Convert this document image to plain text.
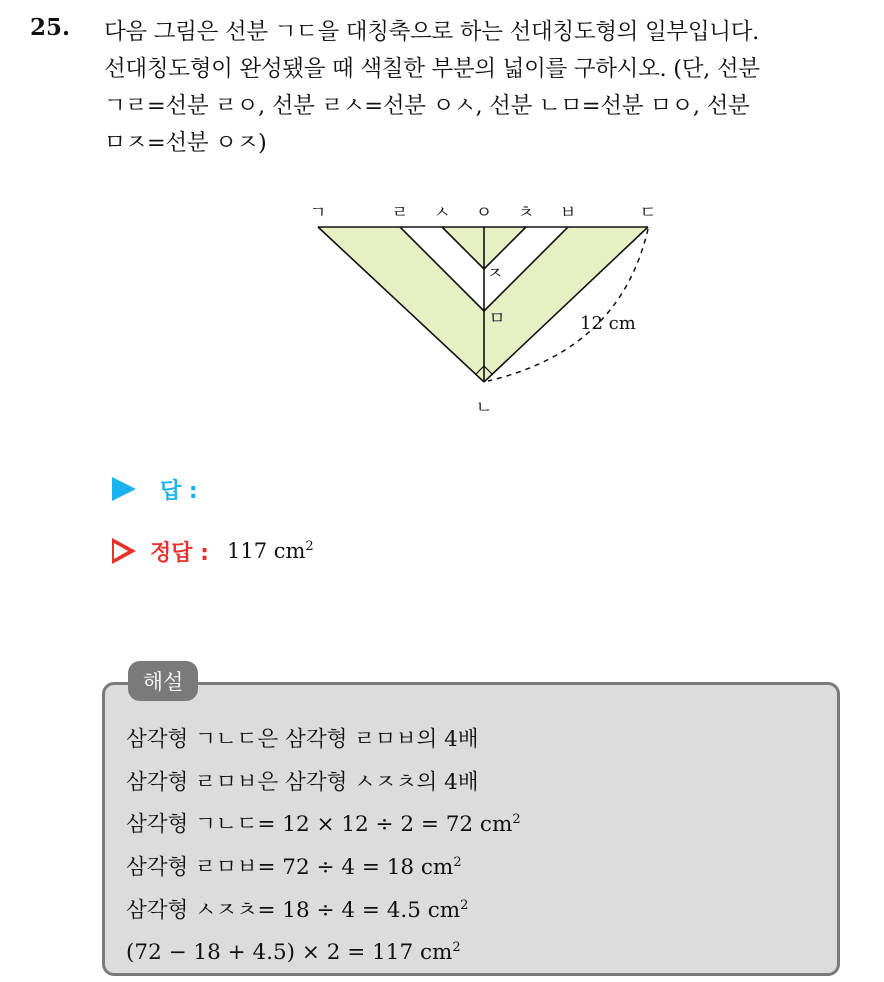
25. 다음 그림은 선분 ㄱㄷ을 대칭축으로 하는 선대칭도형의 일부입니다.
선대칭도형이 완성됐을 때 색칠한 부분의 넓이를 구하시오. (단, 선분
ㄱㄹ=선분 ㄹㅇ, 선분 ㄹㅅ=선분 ㅇㅅ, 선분 ㄴㅁ=선분 ㅁㅇ, 선분
ㅁㅈ=선분 ㅇㅈ)
ㄱ	ㄹ ㅅ ㅇ ㅊ ㅂ	ㄷ
ㅈ
ㅁ
ㄴ
12 cm
답 :
정답 : 117 $cm^2$
해설
삼각형 ㄱㄴㄷ은 삼각형 ㄹㅁㅂ의 4배
삼각형 ㄹㅁㅂ은 삼각형 ㅅㅈㅊ의 4배
삼각형 ㄱㄴㄷ= 12 × 12 ÷ 2 = 72 $cm^2$
삼각형 ㄹㅁㅂ= 72 ÷ 4 = 18 $cm^2$
삼각형 ㅅㅈㅊ= 18 ÷ 4 = 4.5 $cm^2$
(72 − 18 + 4.5) × 2 = 117 $cm^2$
